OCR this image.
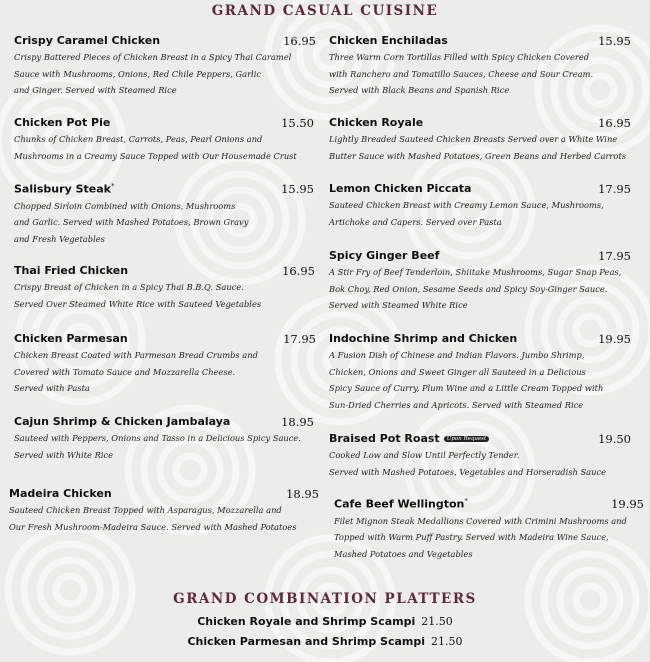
GRAND CASUAL CUISINE
Crispy Caramel Chicken	16.95
Crispy Battered Pieces of Chicken Breast in a Spicy Thai Caramel
Sauce with Mushrooms, Onions, Red Chile Peppers, Garlic
and Ginger. Served with Steamed Rice
Chicken Pot Pie	15.50
Chunks of Chicken Breast, Carrots, Peas, Pearl Onions and
Mushrooms in a Creamy Sauce Topped with Our Housemade Crust
Salisbury Steak*	15.95
Chopped Sirloin Combined with Onions, Mushrooms
and Garlic. Served with Mashed Potatoes, Brown Gravy
and Fresh Vegetables
Thai Fried Chicken	16.95
Crispy Breast of Chicken in a Spicy Thai B.B.Q. Sauce.
Served Over Steamed White Rice with Sauteed Vegetables
Chicken Parmesan	17.95
Chicken Breast Coated with Parmesan Bread Crumbs and
Covered with Tomato Sauce and Mozzarella Cheese.
Served with Pasta
Cajun Shrimp & Chicken Jambalaya	18.95
Sauteed with Peppers, Onions and Tasso in a Delicious Spicy Sauce.
Served with White Rice
Madeira Chicken	18.95
Sauteed Chicken Breast Topped with Asparagus, Mozzarella and
Our Fresh Mushroom-Madeira Sauce. Served with Mashed Potatoes
Chicken Enchiladas	15.95
Three Warm Corn Tortillas Filled with Spicy Chicken Covered
with Ranchero and Tomatillo Sauces, Cheese and Sour Cream.
Served with Black Beans and Spanish Rice
Chicken Royale	16.95
Lightly Breaded Sauteed Chicken Breasts Served over a White Wine
Butter Sauce with Mashed Potatoes, Green Beans and Herbed Carrots
Lemon Chicken Piccata	17.95
Sauteed Chicken Breast with Creamy Lemon Sauce, Mushrooms,
Artichoke and Capers. Served over Pasta
Spicy Ginger Beef	17.95
A Stir Fry of Beef Tenderloin, Shiitake Mushrooms, Sugar Snap Peas,
Bok Choy, Red Onion, Sesame Seeds and Spicy Soy-Ginger Sauce.
Served with Steamed White Rice
Indochine Shrimp and Chicken	19.95
A Fusion Dish of Chinese and Indian Flavors. Jumbo Shrimp,
Chicken, Onions and Sweet Ginger all Sauteed in a Delicious
Spicy Sauce of Curry, Plum Wine and a Little Cream Topped with
Sun-Dried Cherries and Apricots. Served with Steamed Rice
Braised Pot Roast Upon Request	19.50
Cooked Low and Slow Until Perfectly Tender.
Served with Mashed Potatoes, Vegetables and Horseradish Sauce
Cafe Beef Wellington*	19.95
Filet Mignon Steak Medallions Covered with Crimini Mushrooms and
Topped with Warm Puff Pastry. Served with Madeira Wine Sauce,
Mashed Potatoes and Vegetables
GRAND COMBINATION PLATTERS
Chicken Royale and Shrimp Scampi 21.50
Chicken Parmesan and Shrimp Scampi 21.50
